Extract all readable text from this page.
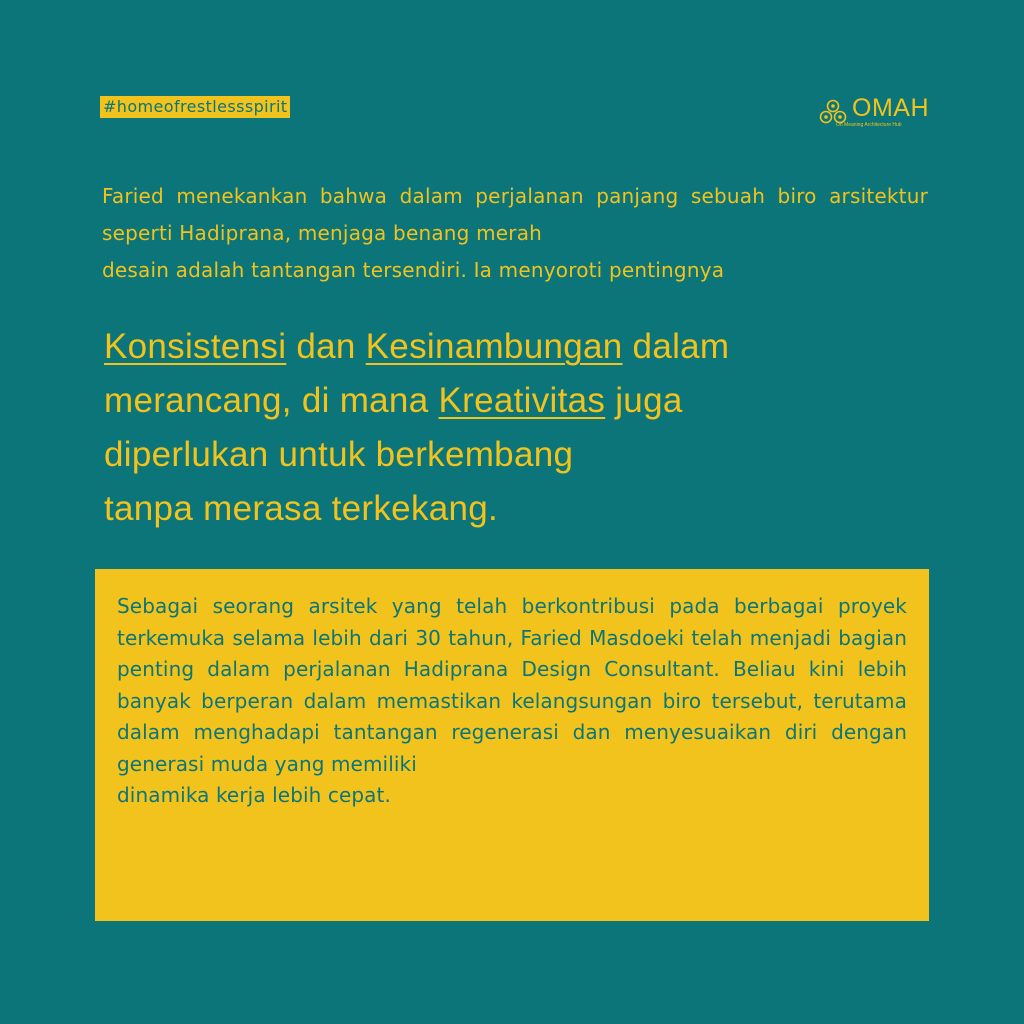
#homeofrestlessspirit	OMAH
On Meaning Architecture Hub
Faried menekankan bahwa dalam perjalanan panjang sebuah biro arsitektur seperti Hadiprana, menjaga benang merah
desain adalah tantangan tersendiri. Ia menyoroti pentingnya
Konsistensi dan Kesinambungan dalam
merancang, di mana Kreativitas juga
diperlukan untuk berkembang
tanpa merasa terkekang.
Sebagai seorang arsitek yang telah berkontribusi pada berbagai proyek terkemuka selama lebih dari 30 tahun, Faried Masdoeki telah menjadi bagian penting dalam perjalanan Hadiprana Design Consultant. Beliau kini lebih banyak berperan dalam memastikan kelangsungan biro tersebut, terutama dalam menghadapi tantangan regenerasi dan menyesuaikan diri dengan generasi muda yang memiliki
dinamika kerja lebih cepat.
